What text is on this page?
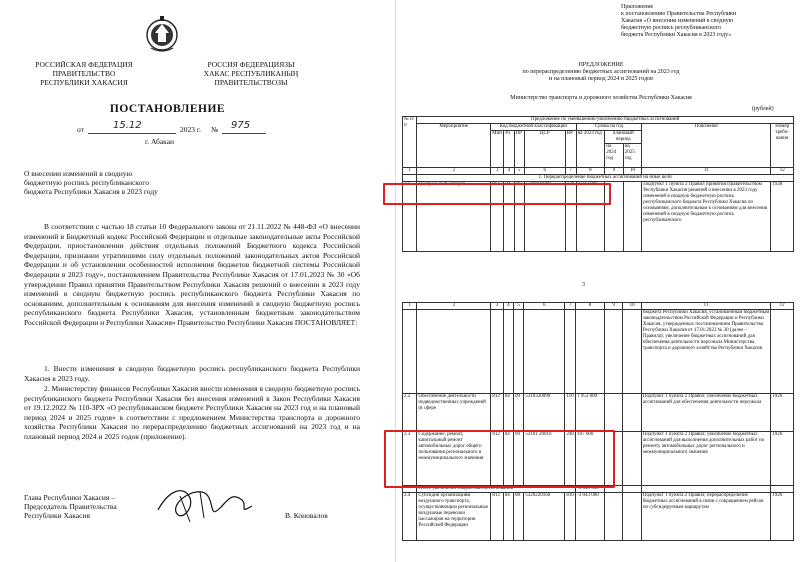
РОССИЙСКАЯ ФЕДЕРАЦИЯ
ПРАВИТЕЛЬСТВО
РЕСПУБЛИКИ ХАКАСИЯ
РОССИЯ ФЕДЕРАЦИЯЗЫ
ХАКАС РЕСПУБЛИКАНЫҢ
ПРАВИТЕЛЬСТВОЗЫ
ПОСТАНОВЛЕНИЕ
от	15.12	2023 г. № 975
г. Абакан
О внесении изменений в сводную
бюджетную роспись республиканского
бюджета Республики Хакасия в 2023 году
В соответствии с частью 18 статьи 10 Федерального закона от 21.11.2022 № 448-ФЗ «О внесении изменений в Бюджетный кодекс Российской Федерации и отдельные законодательные акты Российской Федерации, приостановлении действия отдельных положений Бюджетного кодекса Российской Федерации, признании утратившими силу отдельных положений законодательных актов Российской Федерации и об установлении особенностей исполнения бюджетов бюджетной системы Российской Федерации в 2023 году», постановлением Правительства Республики Хакасия от 17.01.2023 № 30 «Об утверждении Правил принятия Правительством Республики Хакасия решений о внесении в 2023 году изменений в сводную бюджетную роспись республиканского бюджета Республики Хакасия по основаниям, дополнительным к основаниям для внесения изменений в сводную бюджетную роспись республиканского бюджета Республики Хакасия, установленным бюджетным законодательством Российской Федерации и Республики Хакасия» Правительство Республики Хакасия ПОСТАНОВЛЯЕТ:
1. Внести изменения в сводную бюджетную роспись республиканского бюджета Республики Хакасия в 2023 году.
2. Министерству финансов Республики Хакасия внести изменения в сводную бюджетную роспись республиканского бюджета Республики Хакасия без внесения изменений в Закон Республики Хакасия от 19.12.2022 № 110-ЗРХ «О республиканском бюджете Республики Хакасия на 2023 год и на плановый период 2024 и 2025 годов» в соответствии с предложением Министерства транспорта и дорожного хозяйства Республики Хакасия по перераспределению бюджетных ассигнований на 2023 год и на плановый период 2024 и 2025 годов (приложение).
Глава Республики Хакасия –
Председатель Правительства
Республики Хакасия	В. Коновалов
Приложение
к постановлению Правительства Республики
Хакасия «О внесении изменений в сводную
бюджетную роспись республиканского
бюджета Республики Хакасия в 2023 году»
ПРЕДЛОЖЕНИЕ
по перераспределению бюджетных ассигнований на 2023 год
и на плановый период 2024 и 2025 годов
Министерство транспорта и дорожного хозяйства Республики Хакасия
(рублей)
№ п/п	Предложение по уменьшению/увеличению бюджетных ассигнований										
	Мероприятие	Код бюджетной классификации					Сумма на год			Пояснение	Номер требо-вания
		Мин	Рз	ПР	ЦСР	ВР	на 2023 год	плановый период			
								на 2024 год	на 2025 год		
1	2	3	4	5	6	7	8	9	10	11	12
	1. Перераспределение бюджетных ассигнований на иные цели										
2.1	Центральный аппарат	812	04	08	5340101000	120	3 043 000			Подпункт 1 пункта 2 Правил принятия Правительством Республики Хакасия решений о внесении в 2023 году изменений в сводную бюджетную роспись республиканского бюджета Республики Хакасия по основаниям, дополнительным к основаниям для внесения изменений в сводную бюджетную роспись республиканского	1928
3
1	2	3	4	5	6	7	8	9	10	11	12
										бюджета Республики Хакасия, установленным бюджетным законодательством Российской Федерации и Республики Хакасия, утвержденных постановлением Правительства Республики Хакасия от 17.01.2023 № 30 (далее – Правила); увеличение бюджетных ассигнований для обеспечения деятельности персонала Министерства транспорта и дорожного хозяйства Республики Хакасия	
2.2	Обеспечение деятельности подведомственных учреждений (в сфере	812	04	09	5310320090	110	1 953 000			Подпункт 1 пункта 2 Правил; увеличение бюджетных ассигнований для обеспечения деятельности персонала	1926
2.3	Содержание, ремонт, капитальный ремонт автомобильных дорог общего пользования регионального и межмуниципального значения	812	04	09	53101 20010	240	107 000			Подпункт 1 пункта 2 Правил; увеличение бюджетных ассигнований для выполнения дополнительных работ по ремонту автомобильных дорог регионального и межмуниципального значения	1926
	Итого увеличение бюджетных ассигнований						-3 043 000				
2.4	Субсидии организациям воздушного транспорта, осуществляющим региональные воздушные перевозки пассажиров на территории Российской Федерации	812	04	08	5320220160	810	-3 043 000			Подпункт 1 пункта 2 Правил; перераспределение бюджетных ассигнований в связи с сокращением рейсов по субсидируемым маршрутам	1926
